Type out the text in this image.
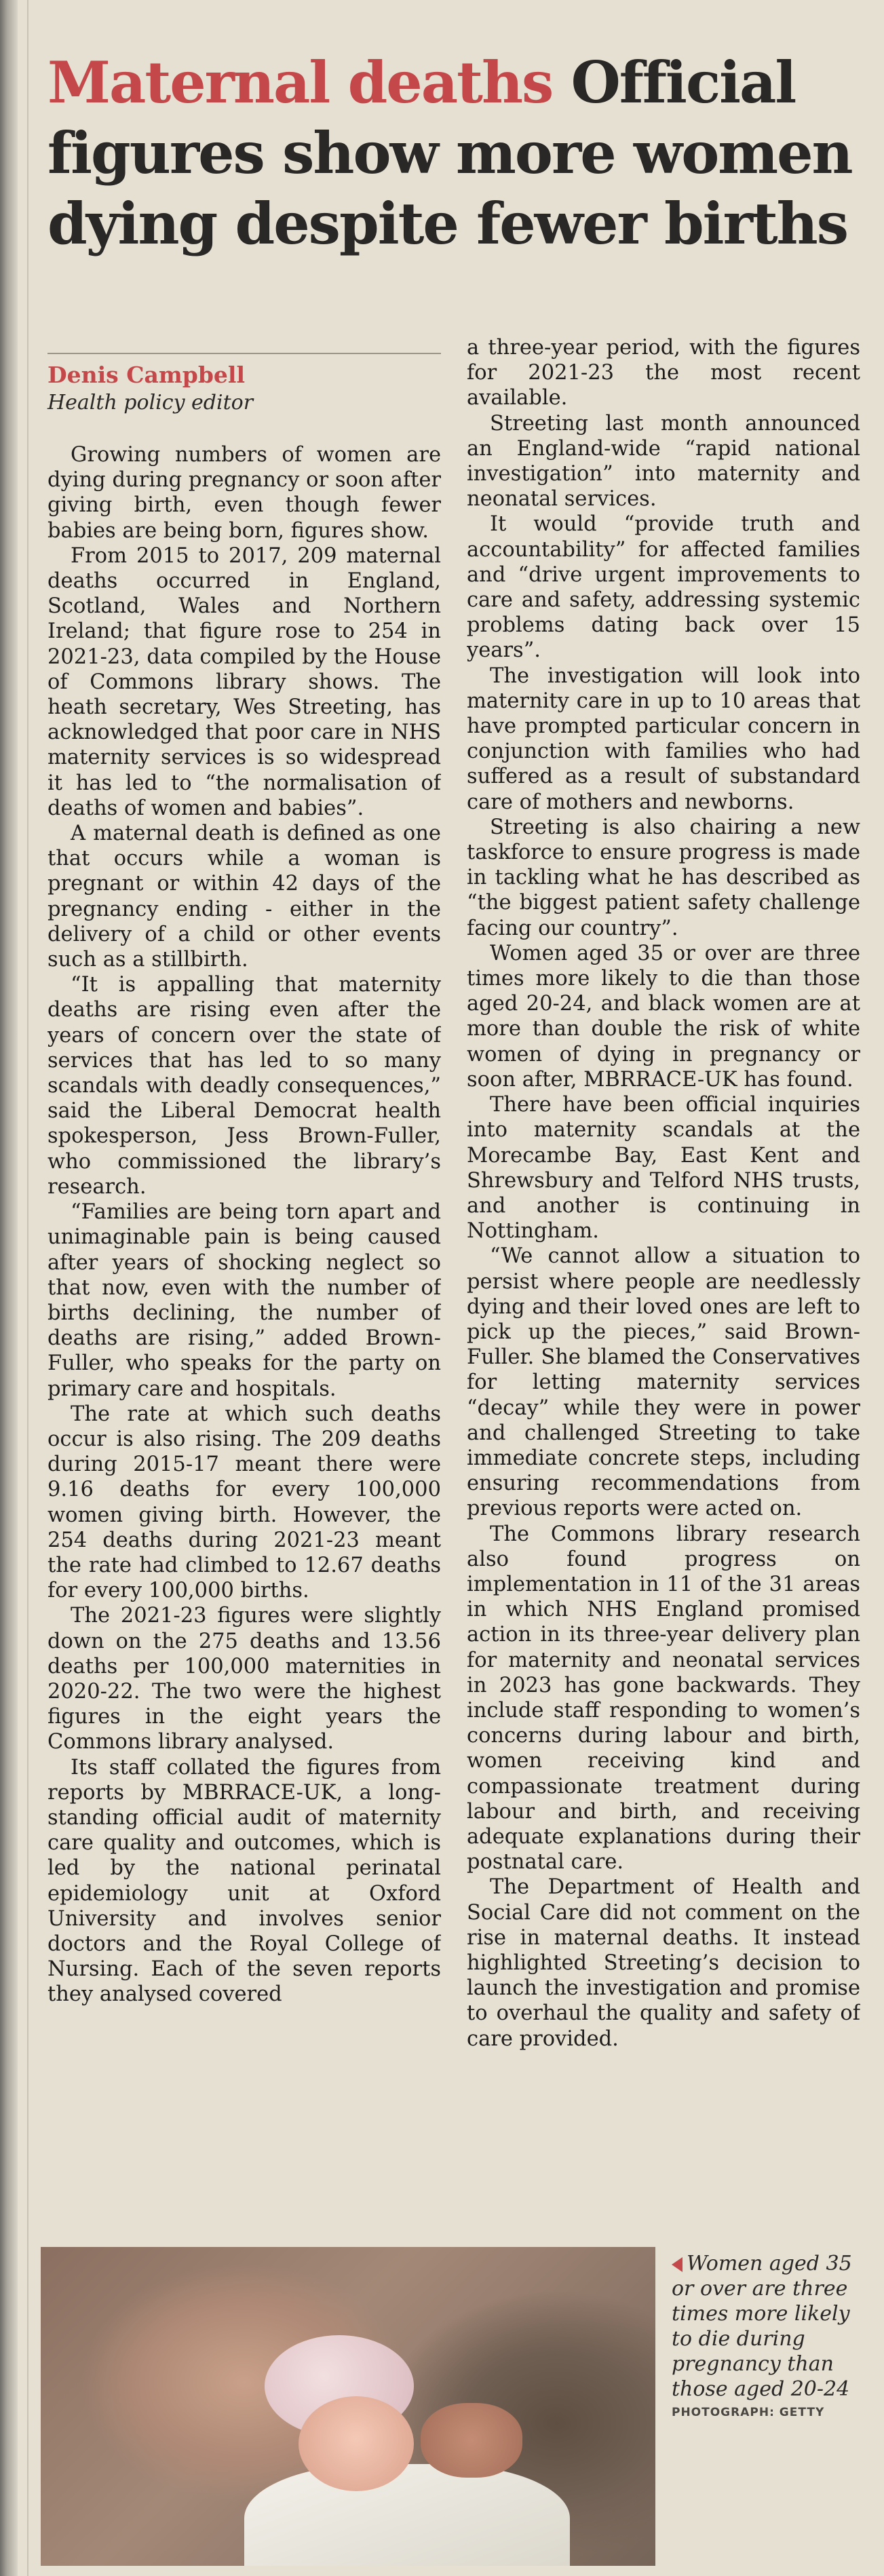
Maternal deaths Official figures show more women dying despite fewer births

Denis Campbell

Health policy editor

Growing numbers of women are dying during pregnancy or soon after giving birth, even though fewer babies are being born, figures show.

From 2015 to 2017, 209 maternal deaths occurred in England, Scotland, Wales and Northern Ireland; that figure rose to 254 in 2021-23, data compiled by the House of Commons library shows. The heath secretary, Wes Streeting, has acknowledged that poor care in NHS maternity services is so widespread it has led to “the normalisation of deaths of women and babies”.

A maternal death is defined as one that occurs while a woman is pregnant or within 42 days of the pregnancy ending - either in the delivery of a child or other events such as a stillbirth.

“It is appalling that maternity deaths are rising even after the years of concern over the state of services that has led to so many scandals with deadly consequences,” said the Liberal Democrat health spokesperson, Jess Brown-Fuller, who commissioned the library’s research.

“Families are being torn apart and unimaginable pain is being caused after years of shocking neglect so that now, even with the number of births declining, the number of deaths are rising,” added Brown-Fuller, who speaks for the party on primary care and hospitals.

The rate at which such deaths occur is also rising. The 209 deaths during 2015-17 meant there were 9.16 deaths for every 100,000 women giving birth. However, the 254 deaths during 2021-23 meant the rate had climbed to 12.67 deaths for every 100,000 births.

The 2021-23 figures were slightly down on the 275 deaths and 13.56 deaths per 100,000 maternities in 2020-22. The two were the highest figures in the eight years the Commons library analysed.

Its staff collated the figures from reports by MBRRACE-UK, a long-standing official audit of maternity care quality and outcomes, which is led by the national perinatal epidemiology unit at Oxford University and involves senior doctors and the Royal College of Nursing. Each of the seven reports they analysed covered

a three-year period, with the figures for 2021-23 the most recent available.

Streeting last month announced an England-wide “rapid national investigation” into maternity and neonatal services.

It would “provide truth and accountability” for affected families and “drive urgent improvements to care and safety, addressing systemic problems dating back over 15 years”.

The investigation will look into maternity care in up to 10 areas that have prompted particular concern in conjunction with families who had suffered as a result of substandard care of mothers and newborns.

Streeting is also chairing a new taskforce to ensure progress is made in tackling what he has described as “the biggest patient safety challenge facing our country”.

Women aged 35 or over are three times more likely to die than those aged 20-24, and black women are at more than double the risk of white women of dying in pregnancy or soon after, MBRRACE-UK has found.

There have been official inquiries into maternity scandals at the Morecambe Bay, East Kent and Shrewsbury and Telford NHS trusts, and another is continuing in Nottingham.

“We cannot allow a situation to persist where people are needlessly dying and their loved ones are left to pick up the pieces,” said Brown-Fuller. She blamed the Conservatives for letting maternity services “decay” while they were in power and challenged Streeting to take immediate concrete steps, including ensuring recommendations from previous reports were acted on.

The Commons library research also found progress on implementation in 11 of the 31 areas in which NHS England promised action in its three-year delivery plan for maternity and neonatal services in 2023 has gone backwards. They include staff responding to women’s concerns during labour and birth, women receiving kind and compassionate treatment during labour and birth, and receiving adequate explanations during their postnatal care.

The Department of Health and Social Care did not comment on the rise in maternal deaths. It instead highlighted Streeting’s decision to launch the investigation and promise to overhaul the quality and safety of care provided.

Women aged 35 or over are three times more likely to die during pregnancy than those aged 20-24

PHOTOGRAPH: GETTY
